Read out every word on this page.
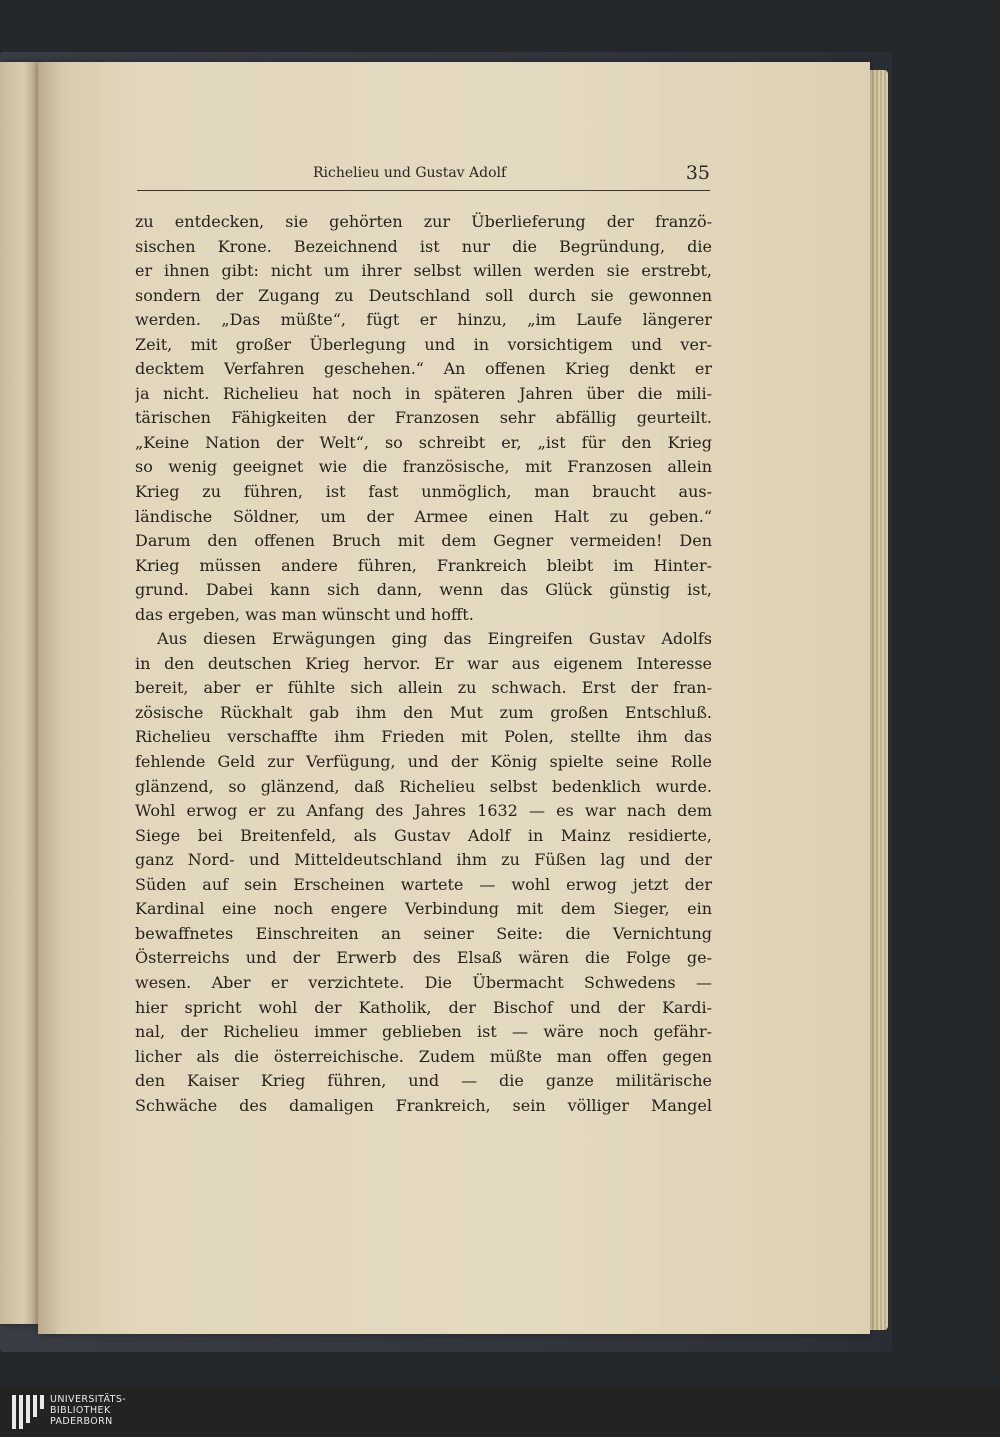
Richelieu und Gustav Adolf	35
zu entdecken, sie gehörten zur Überlieferung der franzö-
sischen Krone. Bezeichnend ist nur die Begründung, die
er ihnen gibt: nicht um ihrer selbst willen werden sie erstrebt,
sondern der Zugang zu Deutschland soll durch sie gewonnen
werden. „Das müßte“, fügt er hinzu, „im Laufe längerer
Zeit, mit großer Überlegung und in vorsichtigem und ver-
decktem Verfahren geschehen.“ An offenen Krieg denkt er
ja nicht. Richelieu hat noch in späteren Jahren über die mili-
tärischen Fähigkeiten der Franzosen sehr abfällig geurteilt.
„Keine Nation der Welt“, so schreibt er, „ist für den Krieg
so wenig geeignet wie die französische, mit Franzosen allein
Krieg zu führen, ist fast unmöglich, man braucht aus-
ländische Söldner, um der Armee einen Halt zu geben.“
Darum den offenen Bruch mit dem Gegner vermeiden! Den
Krieg müssen andere führen, Frankreich bleibt im Hinter-
grund. Dabei kann sich dann, wenn das Glück günstig ist,
das ergeben, was man wünscht und hofft.
Aus diesen Erwägungen ging das Eingreifen Gustav Adolfs
in den deutschen Krieg hervor. Er war aus eigenem Interesse
bereit, aber er fühlte sich allein zu schwach. Erst der fran-
zösische Rückhalt gab ihm den Mut zum großen Entschluß.
Richelieu verschaffte ihm Frieden mit Polen, stellte ihm das
fehlende Geld zur Verfügung, und der König spielte seine Rolle
glänzend, so glänzend, daß Richelieu selbst bedenklich wurde.
Wohl erwog er zu Anfang des Jahres 1632 — es war nach dem
Siege bei Breitenfeld, als Gustav Adolf in Mainz residierte,
ganz Nord- und Mitteldeutschland ihm zu Füßen lag und der
Süden auf sein Erscheinen wartete — wohl erwog jetzt der
Kardinal eine noch engere Verbindung mit dem Sieger, ein
bewaffnetes Einschreiten an seiner Seite: die Vernichtung
Österreichs und der Erwerb des Elsaß wären die Folge ge-
wesen. Aber er verzichtete. Die Übermacht Schwedens —
hier spricht wohl der Katholik, der Bischof und der Kardi-
nal, der Richelieu immer geblieben ist — wäre noch gefähr-
licher als die österreichische. Zudem müßte man offen gegen
den Kaiser Krieg führen, und — die ganze militärische
Schwäche des damaligen Frankreich, sein völliger Mangel
UNIVERSITÄTS-
BIBLIOTHEK
PADERBORN
